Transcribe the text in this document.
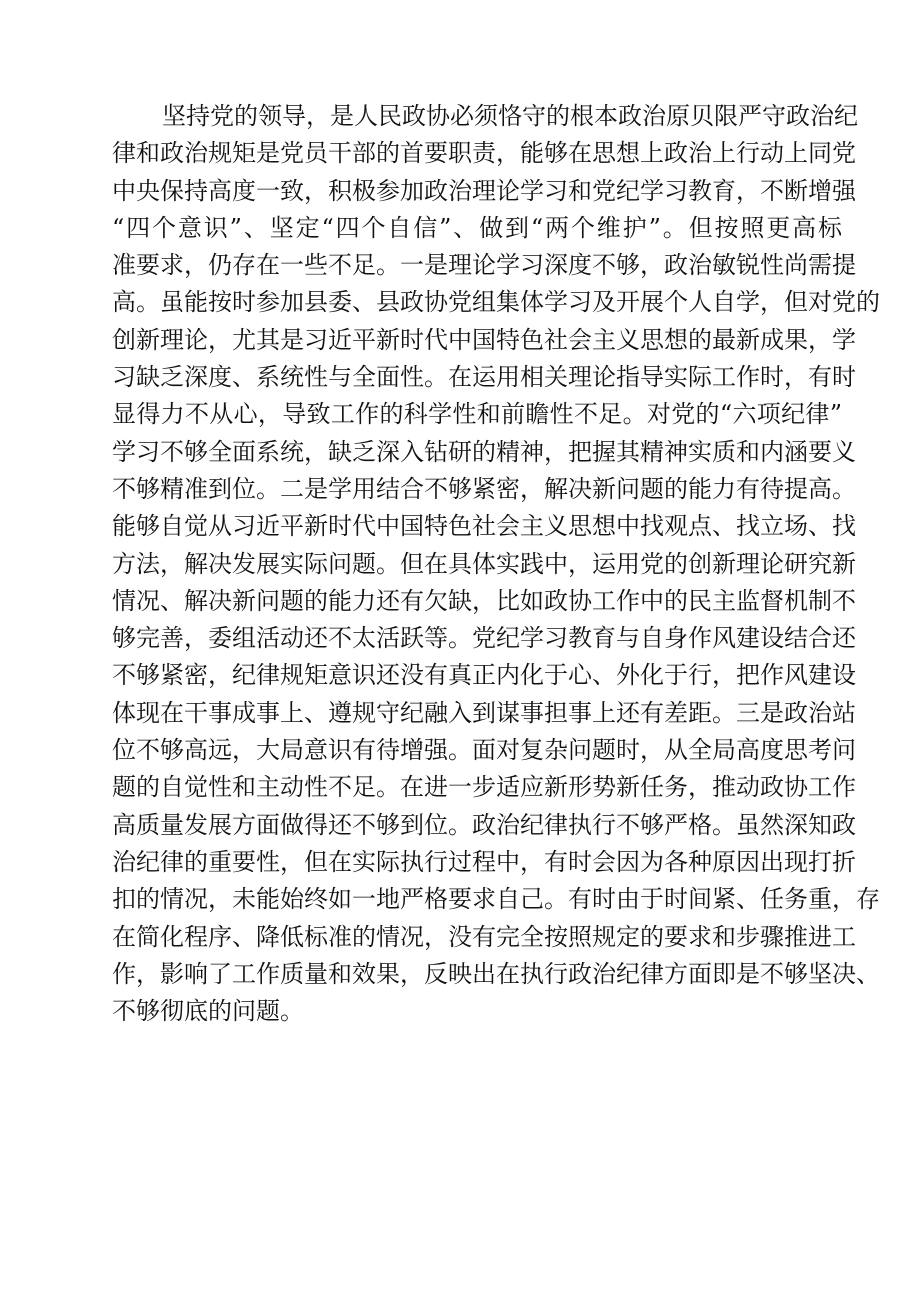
坚持党的领导，是人民政协必须恪守的根本政治原贝限严守政治纪
律和政治规矩是党员干部的首要职责，能够在思想上政治上行动上同党
中央保持高度一致，积极参加政治理论学习和党纪学习教育，不断增强
“四个意识”、坚定“四个自信”、做到“两个维护”。但按照更高标
准要求，仍存在一些不足。一是理论学习深度不够，政治敏锐性尚需提
高。虽能按时参加县委、县政协党组集体学习及开展个人自学，但对党的
创新理论，尤其是习近平新时代中国特色社会主义思想的最新成果，学
习缺乏深度、系统性与全面性。在运用相关理论指导实际工作时，有时
显得力不从心，导致工作的科学性和前瞻性不足。对党的“六项纪律”
学习不够全面系统，缺乏深入钻研的精神，把握其精神实质和内涵要义
不够精准到位。二是学用结合不够紧密，解决新问题的能力有待提高。
能够自觉从习近平新时代中国特色社会主义思想中找观点、找立场、找
方法，解决发展实际问题。但在具体实践中，运用党的创新理论研究新
情况、解决新问题的能力还有欠缺，比如政协工作中的民主监督机制不
够完善，委组活动还不太活跃等。党纪学习教育与自身作风建设结合还
不够紧密，纪律规矩意识还没有真正内化于心、外化于行，把作风建设
体现在干事成事上、遵规守纪融入到谋事担事上还有差距。三是政治站
位不够高远，大局意识有待增强。面对复杂问题时，从全局高度思考问
题的自觉性和主动性不足。在进一步适应新形势新任务，推动政协工作
高质量发展方面做得还不够到位。政治纪律执行不够严格。虽然深知政
治纪律的重要性，但在实际执行过程中，有时会因为各种原因出现打折
扣的情况，未能始终如一地严格要求自己。有时由于时间紧、任务重，存
在简化程序、降低标准的情况，没有完全按照规定的要求和步骤推进工
作，影响了工作质量和效果，反映出在执行政治纪律方面即是不够坚决、
不够彻底的问题。
